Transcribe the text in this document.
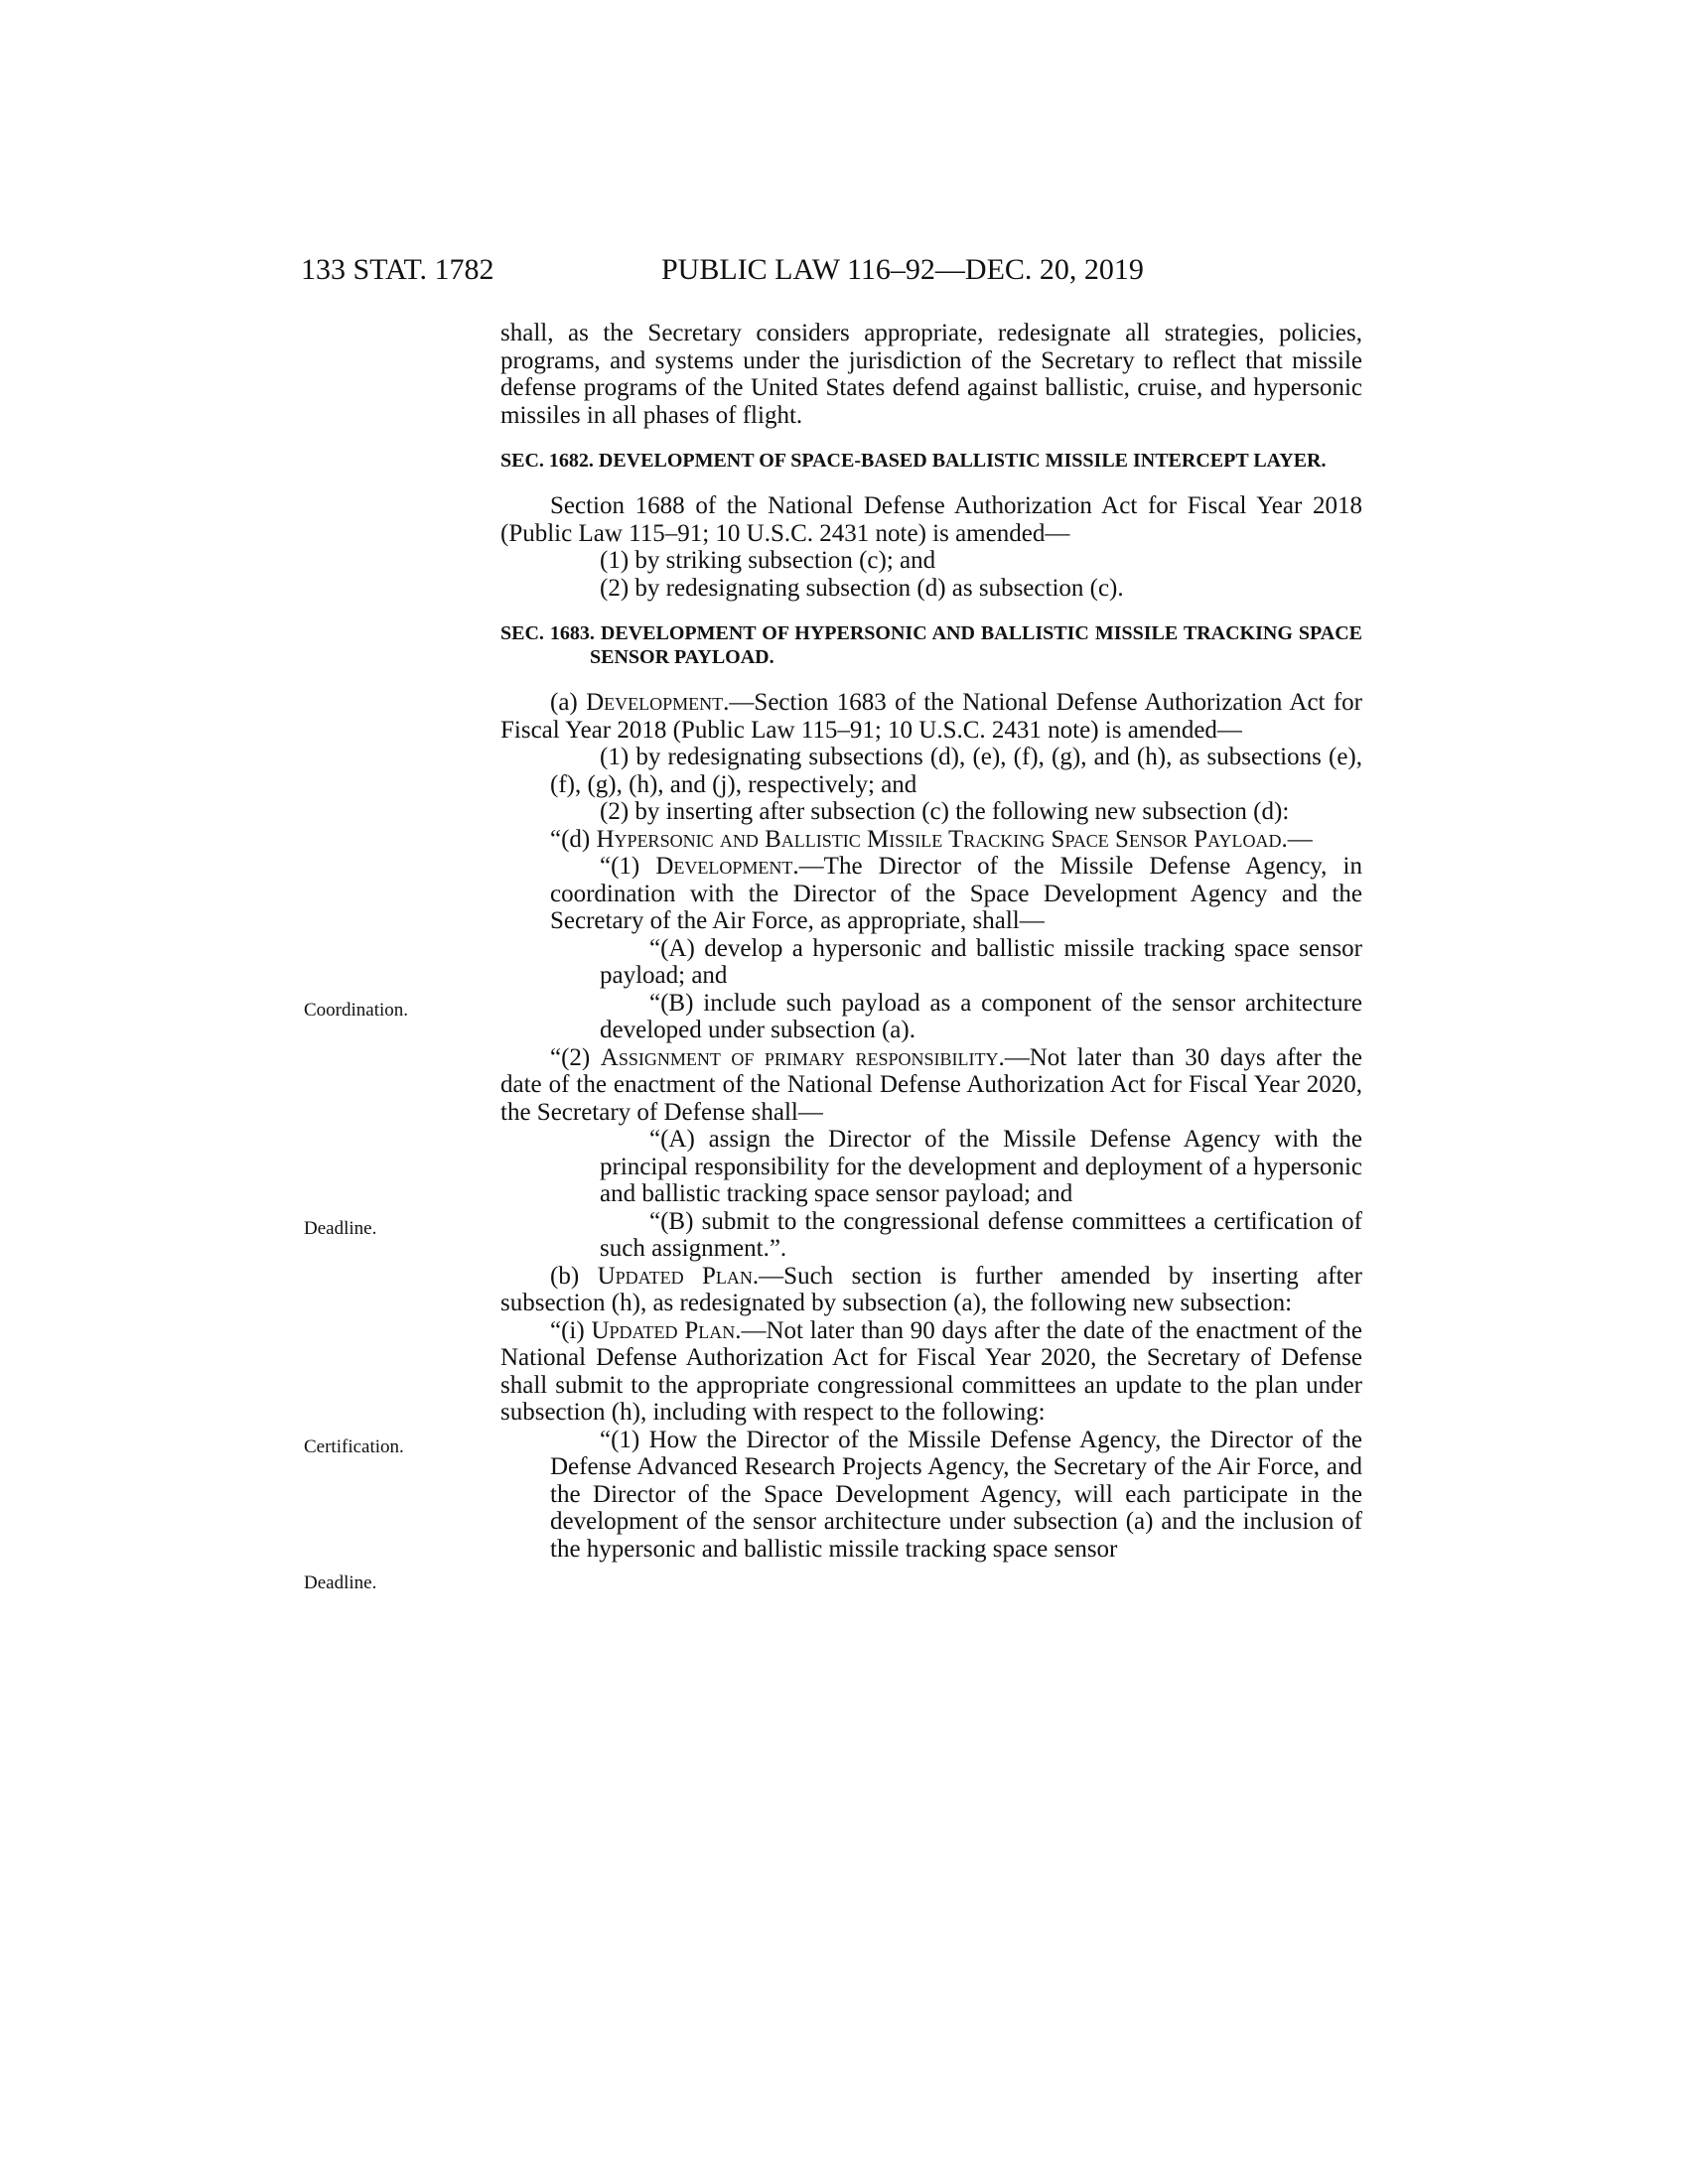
133 STAT. 1782	PUBLIC LAW 116–92—DEC. 20, 2019
Coordination.
Deadline.
Certification.
Deadline.

shall, as the Secretary considers appropriate, redesignate all strategies, policies, programs, and systems under the jurisdiction of the Secretary to reflect that missile defense programs of the United States defend against ballistic, cruise, and hypersonic missiles in all phases of flight.

SEC. 1682. DEVELOPMENT OF SPACE-BASED BALLISTIC MISSILE INTERCEPT LAYER.

Section 1688 of the National Defense Authorization Act for Fiscal Year 2018 (Public Law 115–91; 10 U.S.C. 2431 note) is amended—

(1) by striking subsection (c); and

(2) by redesignating subsection (d) as subsection (c).

SEC. 1683. DEVELOPMENT OF HYPERSONIC AND BALLISTIC MISSILE TRACKING SPACE SENSOR PAYLOAD.

(a) Development.—Section 1683 of the National Defense Authorization Act for Fiscal Year 2018 (Public Law 115–91; 10 U.S.C. 2431 note) is amended—

(1) by redesignating subsections (d), (e), (f), (g), and (h), as subsections (e), (f), (g), (h), and (j), respectively; and

(2) by inserting after subsection (c) the following new subsection (d):

“(d) Hypersonic and Ballistic Missile Tracking Space Sensor Payload.—

“(1) Development.—The Director of the Missile Defense Agency, in coordination with the Director of the Space Development Agency and the Secretary of the Air Force, as appropriate, shall—

“(A) develop a hypersonic and ballistic missile tracking space sensor payload; and

“(B) include such payload as a component of the sensor architecture developed under subsection (a).

“(2) Assignment of primary responsibility.—Not later than 30 days after the date of the enactment of the National Defense Authorization Act for Fiscal Year 2020, the Secretary of Defense shall—

“(A) assign the Director of the Missile Defense Agency with the principal responsibility for the development and deployment of a hypersonic and ballistic tracking space sensor payload; and

“(B) submit to the congressional defense committees a certification of such assignment.”.

(b) Updated Plan.—Such section is further amended by inserting after subsection (h), as redesignated by subsection (a), the following new subsection:

“(i) Updated Plan.—Not later than 90 days after the date of the enactment of the National Defense Authorization Act for Fiscal Year 2020, the Secretary of Defense shall submit to the appropriate congressional committees an update to the plan under subsection (h), including with respect to the following:

“(1) How the Director of the Missile Defense Agency, the Director of the Defense Advanced Research Projects Agency, the Secretary of the Air Force, and the Director of the Space Development Agency, will each participate in the development of the sensor architecture under subsection (a) and the inclusion of the hypersonic and ballistic missile tracking space sensor
